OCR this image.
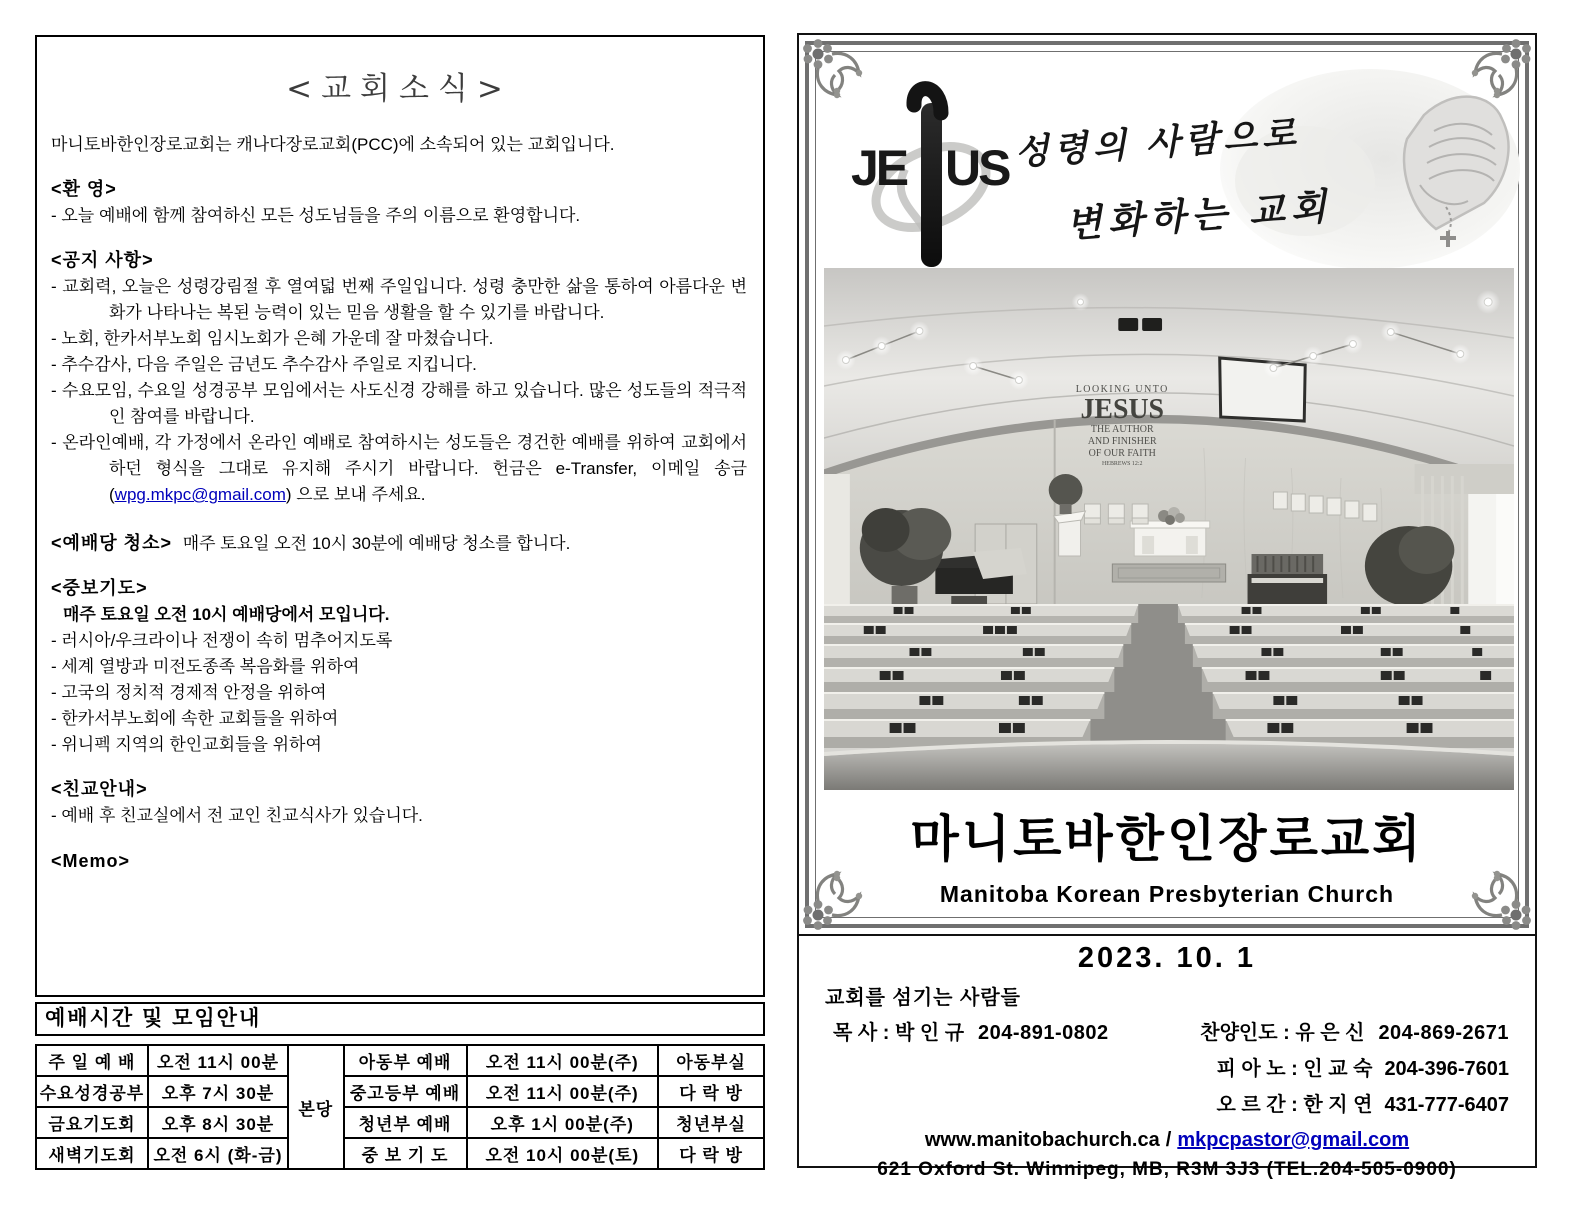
<교회소식>
마니토바한인장로교회는 캐나다장로교회(PCC)에 소속되어 있는 교회입니다.
<환 영>
- 오늘 예배에 함께 참여하신 모든 성도님들을 주의 이름으로 환영합니다.
<공지 사항>
- 교회력, 오늘은 성령강림절 후 열여덟 번째 주일입니다. 성령 충만한 삶을 통하여 아름다운 변화가 나타나는 복된 능력이 있는 믿음 생활을 할 수 있기를 바랍니다.
- 노회, 한카서부노회 임시노회가 은혜 가운데 잘 마쳤습니다.
- 추수감사, 다음 주일은 금년도 추수감사 주일로 지킵니다.
- 수요모임, 수요일 성경공부 모임에서는 사도신경 강해를 하고 있습니다. 많은 성도들의 적극적인 참여를 바랍니다.
- 온라인예배, 각 가정에서 온라인 예배로 참여하시는 성도들은 경건한 예배를 위하여 교회에서 하던 형식을 그대로 유지해 주시기 바랍니다. 헌금은 e-Transfer, 이메일 송금 (wpg.mkpc@gmail.com) 으로 보내 주세요.
<예배당 청소> 매주 토요일 오전 10시 30분에 예배당 청소를 합니다.
<중보기도>
매주 토요일 오전 10시 예배당에서 모입니다.
- 러시아/우크라이나 전쟁이 속히 멈추어지도록
- 세계 열방과 미전도종족 복음화를 위하여
- 고국의 정치적 경제적 안정을 위하여
- 한카서부노회에 속한 교회들을 위하여
- 위니펙 지역의 한인교회들을 위하여
<친교안내>
- 예배 후 친교실에서 전 교인 친교식사가 있습니다.
<Memo>
예배시간 및 모임안내
주 일 예 배	오전 11시 00분	본당	아동부 예배	오전 11시 00분(주)	아동부실
수요성경공부	오후 7시 30분		중고등부 예배	오전 11시 00분(주)	다 락 방
금요기도회	오후 8시 30분		청년부 예배	오후 1시 00분(주)	청년부실
새벽기도회	오전 6시 (화-금)		중 보 기 도	오전 10시 00분(토)	다 락 방
JE US 성령의 사람으로
변화하는 교회
LOOKING UNTO
JESUS
THE AUTHOR
AND FINISHER
OF OUR FAITH
HEBREWS 12:2
마니토바한인장로교회
Manitoba Korean Presbyterian Church
2023. 10. 1
교회를 섬기는 사람들
목 사 : 박 인 규 204-891-0802	찬양인도 : 유 은 신 204-869-2671
피 아 노 : 인 교 숙 204-396-7601
오 르 간 : 한 지 연 431-777-6407
www.manitobachurch.ca / mkpcpastor@gmail.com
621 Oxford St. Winnipeg, MB, R3M 3J3 (TEL.204-505-0900)
